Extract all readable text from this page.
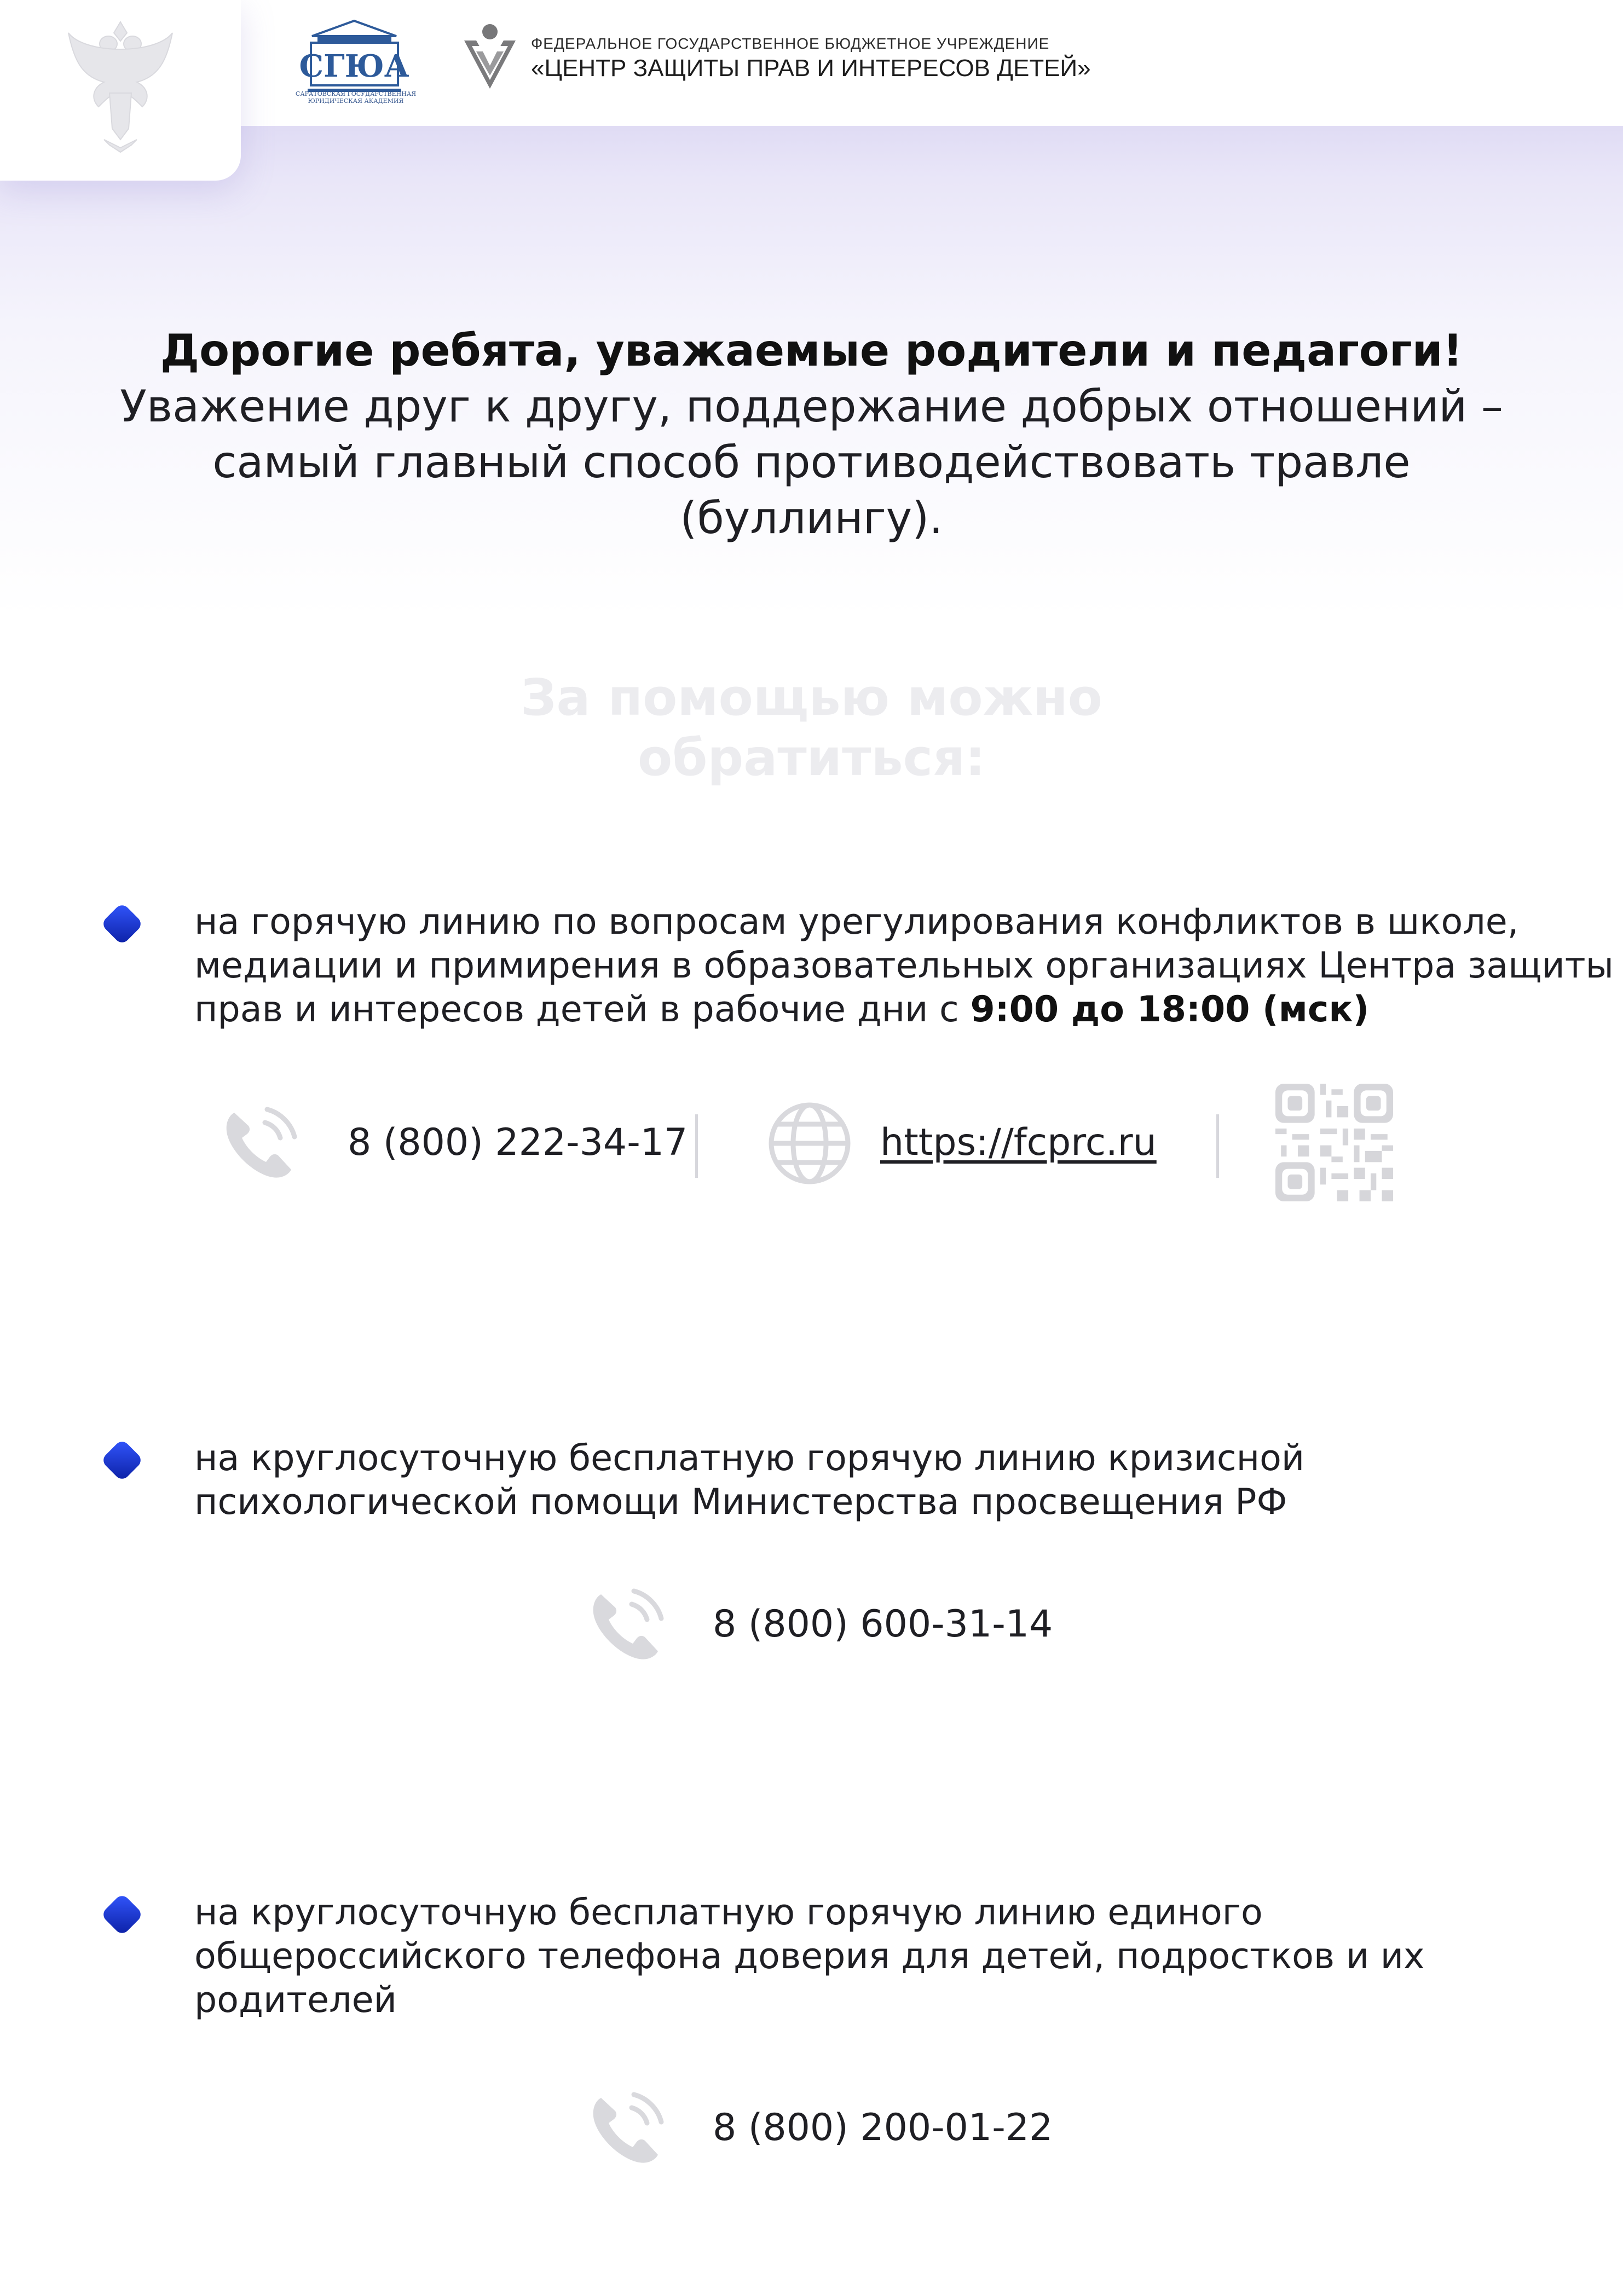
СГЮА
САРАТОВСКАЯ ГОСУДАРСТВЕННАЯ ЮРИДИЧЕСКАЯ АКАДЕМИЯ
ФЕДЕРАЛЬНОЕ ГОСУДАРСТВЕННОЕ БЮДЖЕТНОЕ УЧРЕЖДЕНИЕ
«ЦЕНТР ЗАЩИТЫ ПРАВ И ИНТЕРЕСОВ ДЕТЕЙ»
Дорогие ребята, уважаемые родители и педагоги!
Уважение друг к другу, поддержание добрых отношений – самый главный способ противодействовать травле (буллингу).
За помощью можно обратиться:
на горячую линию по вопросам урегулирования конфликтов в школе, медиации и примирения в образовательных организациях Центра защиты прав и интересов детей в рабочие дни с 9:00 до 18:00 (мск)
8 (800) 222-34-17	https://fcprc.ru
на круглосуточную бесплатную горячую линию кризисной психологической помощи Министерства просвещения РФ
8 (800) 600-31-14
на круглосуточную бесплатную горячую линию единого общероссийского телефона доверия для детей, подростков и их родителей
8 (800) 200-01-22
